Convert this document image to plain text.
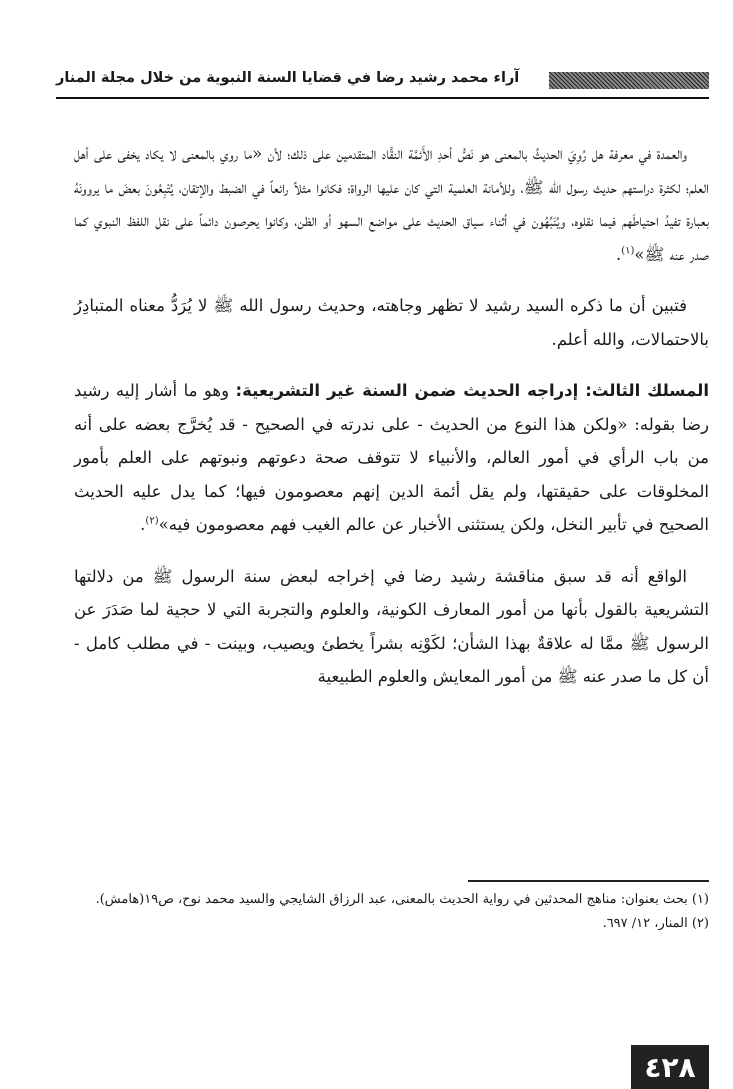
آراء محمد رشيد رضا في قضايا السنة النبوية من خلال مجلة المنار

والعمدة في معرفة هل رُوِيَ الحديثُ بالمعنى هو نَصُّ أحدِ الأَئمَّة النقَّاد المتقدمين على ذلك؛ لأن «ما روي بالمعنى لا يكاد يخفى على أهل العلم؛ لكثرة دراستهم حديث رسول الله ﷺ، وللأمانة العلمية التي كان عليها الرواة؛ فكانوا مثلاً رائعاً في الضبط والإتقان، يُتْبِعُونَ بعضَ ما يروونَهُ بعبارة تفيدُ احتياطَهم فيما نقلوه، ويُنَبِّهُون في أثناء سياق الحديث على مواضع السهو أو الظن، وكانوا يحرصون دائماً على نقل اللفظ النبوي كما صدر عنه ﷺ»$^{(١)}$.

فتبين أن ما ذكره السيد رشيد لا تظهر وجاهته، وحديث رسول الله ﷺ لا يُرَدُّ معناه المتبادِرُ بالاحتمالات، والله أعلم.

المسلك الثالث: إدراجه الحديث ضمن السنة غير التشريعية: وهو ما أشار إليه رشيد رضا بقوله: «ولكن هذا النوع من الحديث - على ندرته في الصحيح - قد يُخرَّج بعضه على أنه من باب الرأي في أمور العالم، والأنبياء لا تتوقف صحة دعوتهم ونبوتهم على العلم بأمور المخلوقات على حقيقتها، ولم يقل أئمة الدين إنهم معصومون فيها؛ كما يدل عليه الحديث الصحيح في تأبير النخل، ولكن يستثنى الأخبار عن عالم الغيب فهم معصومون فيه»$^{(٢)}$.

الواقع أنه قد سبق مناقشة رشيد رضا في إخراجه لبعض سنة الرسول ﷺ من دلالتها التشريعية بالقول بأنها من أمور المعارف الكونية، والعلوم والتجربة التي لا حجية لما صَدَرَ عن الرسول ﷺ ممَّا له علاقةٌ بهذا الشأن؛ لكَوْنِه بشراً يخطئ ويصيب، وبينت - في مطلب كامل - أن كل ما صدر عنه ﷺ من أمور المعايش والعلوم الطبيعية

(١) بحث بعنوان: مناهج المحدثين في رواية الحديث بالمعنى، عبد الرزاق الشايجي والسيد محمد نوح، ص١٩(هامش).

(٢) المنار، ١٢/ ٦٩٧.

٤٢٨
